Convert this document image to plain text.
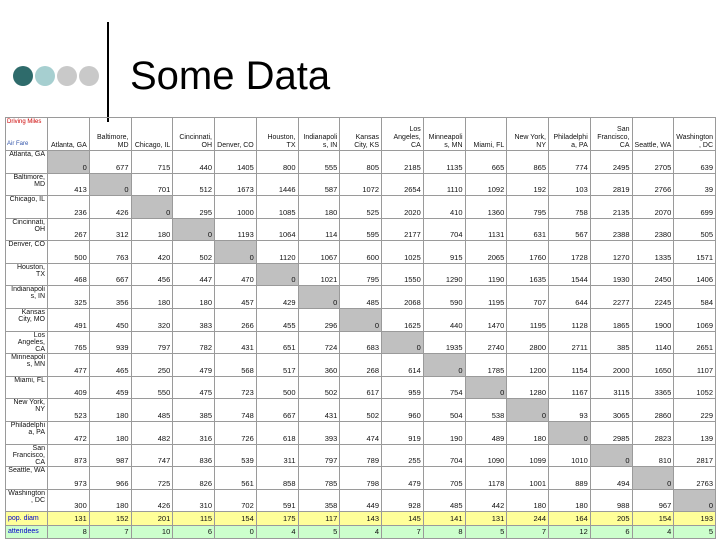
Some Data
Driving Miles
Air Fare	Atlanta, GA	Baltimore, MD	Chicago, IL	Cincinnati, OH	Denver, CO	Houston, TX	Indianapolis, IN	Kansas City, KS	Los Angeles, CA	Minneapolis, MN	Miami, FL	New York, NY	Philadelphia, PA	San Francisco, CA	Seattle, WA	Washington, DC
Atlanta, GA	0	677	715	440	1405	800	555	805	2185	1135	665	865	774	2495	2705	639
Baltimore, MD	413	0	701	512	1673	1446	587	1072	2654	1110	1092	192	103	2819	2766	39
Chicago, IL	236	426	0	295	1000	1085	180	525	2020	410	1360	795	758	2135	2070	699
Cincinnati, OH	267	312	180	0	1193	1064	114	595	2177	704	1131	631	567	2388	2380	505
Denver, CO	500	763	420	502	0	1120	1067	600	1025	915	2065	1760	1728	1270	1335	1571
Houston, TX	468	667	456	447	470	0	1021	795	1550	1290	1190	1635	1544	1930	2450	1406
Indianapolis, IN	325	356	180	180	457	429	0	485	2068	590	1195	707	644	2277	2245	584
Kansas City, MO	491	450	320	383	266	455	296	0	1625	440	1470	1195	1128	1865	1900	1069
Los Angeles, CA	765	939	797	782	431	651	724	683	0	1935	2740	2800	2711	385	1140	2651
Minneapolis, MN	477	465	250	479	568	517	360	268	614	0	1785	1200	1154	2000	1650	1107
Miami, FL	409	459	550	475	723	500	502	617	959	754	0	1280	1167	3115	3365	1052
New York, NY	523	180	485	385	748	667	431	502	960	504	538	0	93	3065	2860	229
Philadelphia, PA	472	180	482	316	726	618	393	474	919	190	489	180	0	2985	2823	139
San Francisco, CA	873	987	747	836	539	311	797	789	255	704	1090	1099	1010	0	810	2817
Seattle, WA	973	966	725	826	561	858	785	798	479	705	1178	1001	889	494	0	2763
Washington, DC	300	180	426	310	702	591	358	449	928	485	442	180	180	988	967	0
pop. diam	131	152	201	115	154	175	117	143	145	141	131	244	164	205	154	193
attendees	8	7	10	6	0	4	5	4	7	8	5	7	12	6	4	5
